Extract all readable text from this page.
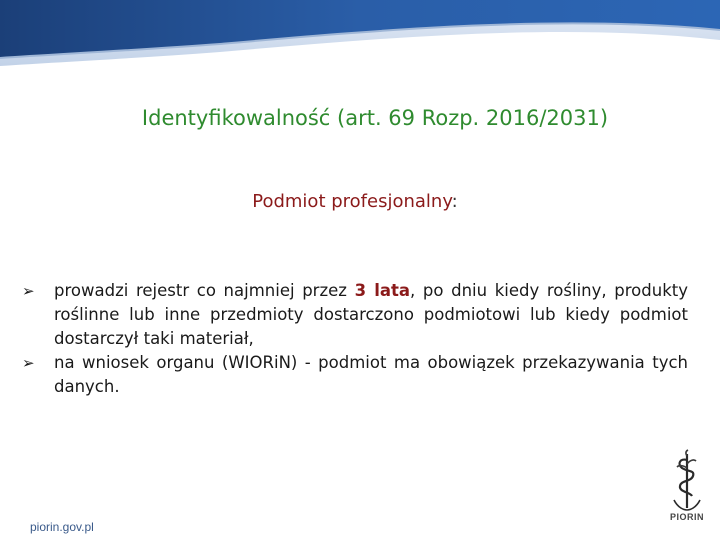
Identyfikowalność (art. 69 Rozp. 2016/2031)
Podmiot profesjonalny:
➢ prowadzi rejestr co najmniej przez 3 lata, po dniu kiedy rośliny, produkty roślinne lub inne przedmioty dostarczono podmiotowi lub kiedy podmiot dostarczył taki materiał,
➢ na wniosek organu (WIORiN) - podmiot ma obowiązek przekazywania tych danych.
piorin.gov.pl
PIORIN
